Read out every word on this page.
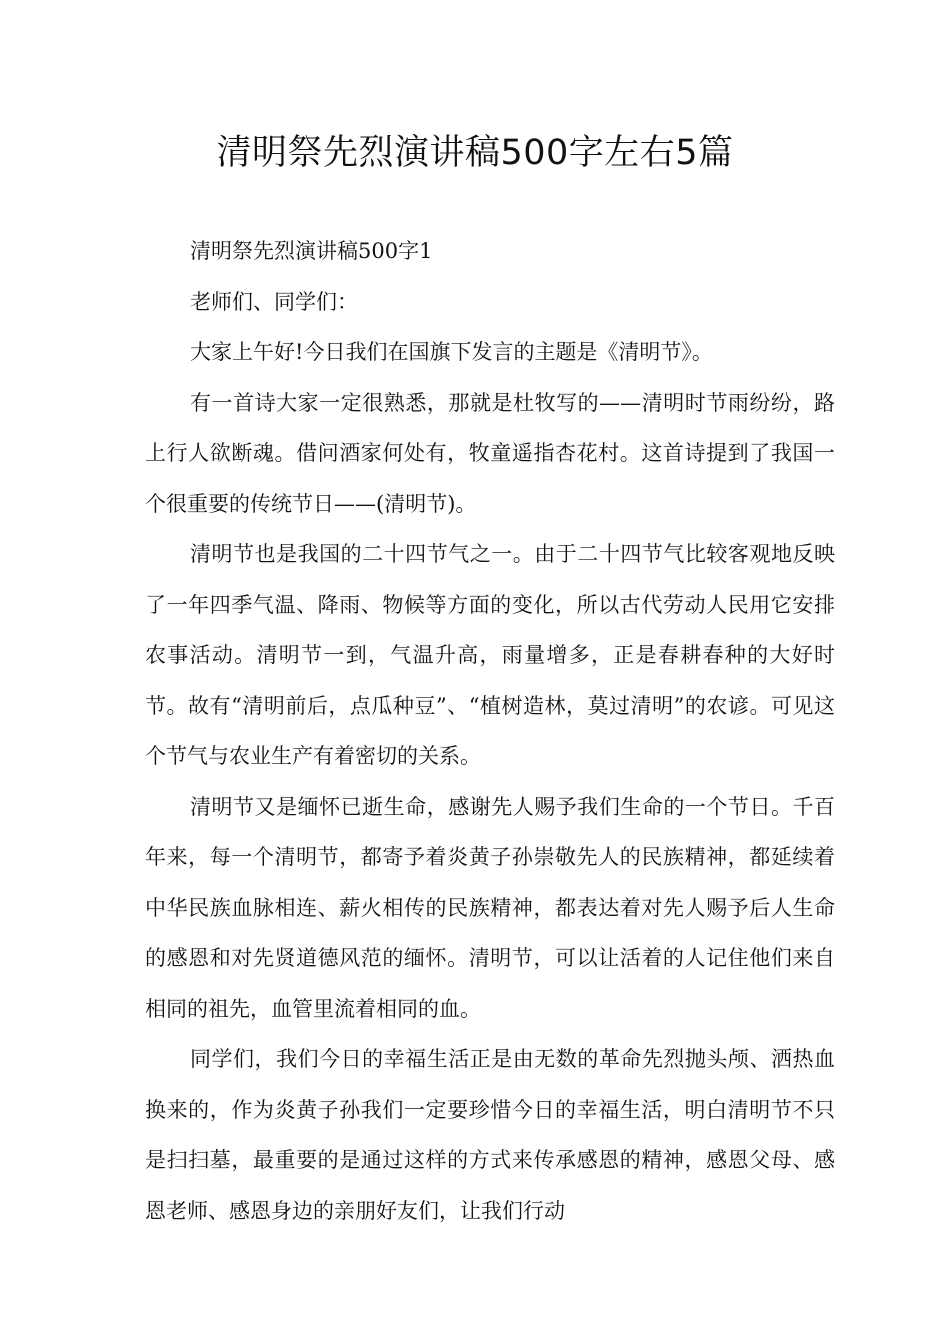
清明祭先烈演讲稿500字左右5篇

清明祭先烈演讲稿500字1

老师们、同学们：

大家上午好!今日我们在国旗下发言的主题是《清明节》。

有一首诗大家一定很熟悉，那就是杜牧写的——清明时节雨纷纷，路上行人欲断魂。借问酒家何处有，牧童遥指杏花村。这首诗提到了我国一个很重要的传统节日——(清明节)。

清明节也是我国的二十四节气之一。由于二十四节气比较客观地反映了一年四季气温、降雨、物候等方面的变化，所以古代劳动人民用它安排农事活动。清明节一到，气温升高，雨量增多，正是春耕春种的大好时节。故有“清明前后，点瓜种豆”、“植树造林，莫过清明”的农谚。可见这个节气与农业生产有着密切的关系。

清明节又是缅怀已逝生命，感谢先人赐予我们生命的一个节日。千百年来，每一个清明节，都寄予着炎黄子孙崇敬先人的民族精神，都延续着中华民族血脉相连、薪火相传的民族精神，都表达着对先人赐予后人生命的感恩和对先贤道德风范的缅怀。清明节，可以让活着的人记住他们来自相同的祖先，血管里流着相同的血。

同学们，我们今日的幸福生活正是由无数的革命先烈抛头颅、洒热血换来的，作为炎黄子孙我们一定要珍惜今日的幸福生活，明白清明节不只是扫扫墓，最重要的是通过这样的方式来传承感恩的精神，感恩父母、感恩老师、感恩身边的亲朋好友们，让我们行动
